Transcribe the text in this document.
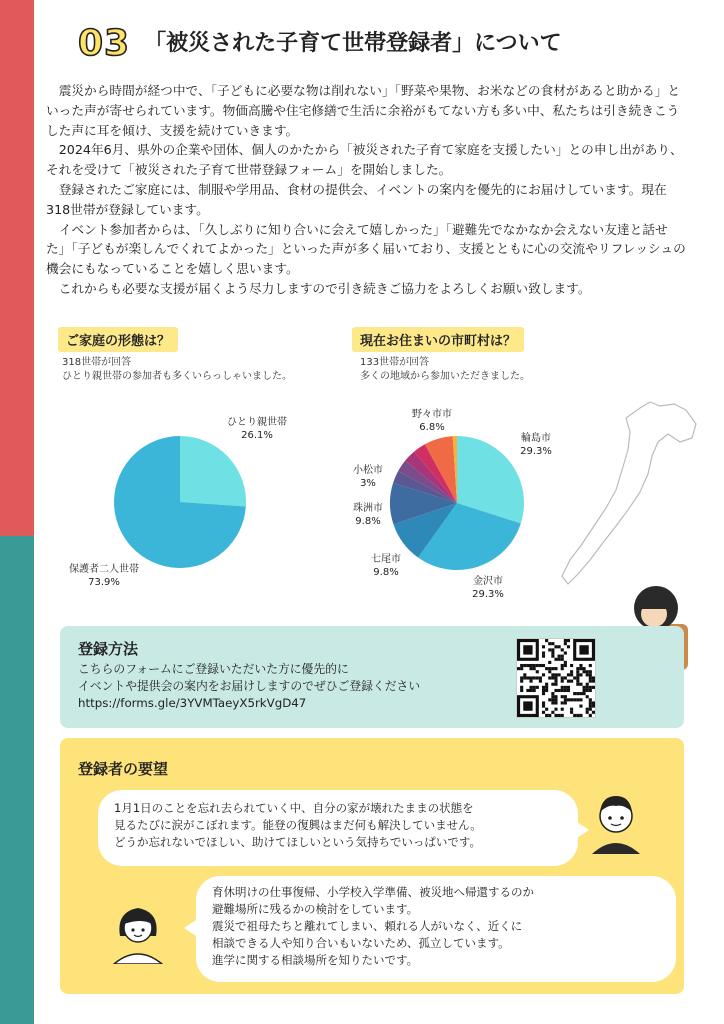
03 「被災された子育て世帯登録者」について

震災から時間が経つ中で、「子どもに必要な物は削れない」「野菜や果物、お米などの食材があると助かる」といった声が寄せられています。物価高騰や住宅修繕で生活に余裕がもてない方も多い中、私たちは引き続きこうした声に耳を傾け、支援を続けていきます。

2024年6月、県外の企業や団体、個人のかたから「被災された子育て家庭を支援したい」との申し出があり、それを受けて「被災された子育て世帯登録フォーム」を開始しました。

登録されたご家庭には、制服や学用品、食材の提供会、イベントの案内を優先的にお届けしています。現在318世帯が登録しています。

イベント参加者からは、「久しぶりに知り合いに会えて嬉しかった」「避難先でなかなか会えない友達と話せた」「子どもが楽しんでくれてよかった」といった声が多く届いており、支援とともに心の交流やリフレッシュの機会にもなっていることを嬉しく思います。

これからも必要な支援が届くよう尽力しますので引き続きご協力をよろしくお願い致します。

ご家庭の形態は？
318世帯が回答
ひとり親世帯の参加者も多くいらっしゃいました。
ひとり親世帯
26.1%
保護者二人世帯
73.9%
現在お住まいの市町村は？
133世帯が回答
多くの地域から参加いただきました。
輪島市
29.3%
金沢市
29.3%
七尾市
9.8%
珠洲市
9.8%
小松市
3%
野々市市
6.8%
登録方法
こちらのフォームにご登録いただいた方に優先的に
イベントや提供会の案内をお届けしますのでぜひご登録ください
https://forms.gle/3YVMTaeyX5rkVgD47
登録者の要望
1月1日のことを忘れ去られていく中、自分の家が壊れたままの状態を
見るたびに涙がこぼれます。能登の復興はまだ何も解決していません。
どうか忘れないでほしい、助けてほしいという気持ちでいっぱいです。
育休明けの仕事復帰、小学校入学準備、被災地へ帰還するのか
避難場所に残るかの検討をしています。
震災で祖母たちと離れてしまい、頼れる人がいなく、近くに
相談できる人や知り合いもいないため、孤立しています。
進学に関する相談場所を知りたいです。
